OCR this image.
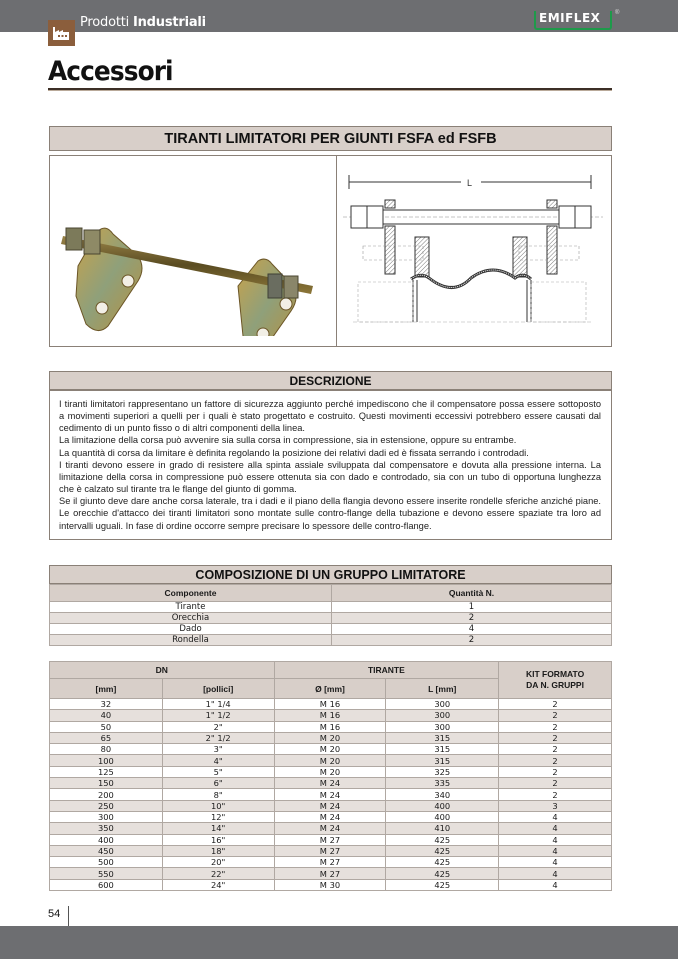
Prodotti Industriali	EMIFLEX ®
Accessori
TIRANTI LIMITATORI PER GIUNTI FSFA ed FSFB
L
DESCRIZIONE

I tiranti limitatori rappresentano un fattore di sicurezza aggiunto perché impediscono che il compensatore possa essere sottoposto a movimenti superiori a quelli per i quali è stato progettato e costruito. Questi movimenti eccessivi potrebbero essere causati dal cedimento di un punto fisso o di altri componenti della linea.

La limitazione della corsa può avvenire sia sulla corsa in compressione, sia in estensione, oppure su entrambe.

La quantità di corsa da limitare è definita regolando la posizione dei relativi dadi ed è fissata serrando i controdadi.

I tiranti devono essere in grado di resistere alla spinta assiale sviluppata dal compensatore e dovuta alla pressione interna. La limitazione della corsa in compressione può essere ottenuta sia con dado e controdado, sia con un tubo di opportuna lunghezza che è calzato sul tirante tra le flange del giunto di gomma.

Se il giunto deve dare anche corsa laterale, tra i dadi e il piano della flangia devono essere inserite rondelle sferiche anziché piane. Le orecchie d'attacco dei tiranti limitatori sono montate sulle contro-flange della tubazione e devono essere spaziate tra loro ad intervalli uguali. In fase di ordine occorre sempre precisare lo spessore delle contro-flange.

COMPOSIZIONE DI UN GRUPPO LIMITATORE
Componente	Quantità N.
Tirante	1
Orecchia	2
Dado	4
Rondella	2
DN		TIRANTE		KIT FORMATO
DA N. GRUPPI
[mm]	[pollici]	Ø [mm]	L [mm]	
32	1" 1/4	M 16	300	2
40	1" 1/2	M 16	300	2
50	2"	M 16	300	2
65	2" 1/2	M 20	315	2
80	3"	M 20	315	2
100	4"	M 20	315	2
125	5"	M 20	325	2
150	6"	M 24	335	2
200	8"	M 24	340	2
250	10"	M 24	400	3
300	12"	M 24	400	4
350	14"	M 24	410	4
400	16"	M 27	425	4
450	18"	M 27	425	4
500	20"	M 27	425	4
550	22"	M 27	425	4
600	24"	M 30	425	4
54
